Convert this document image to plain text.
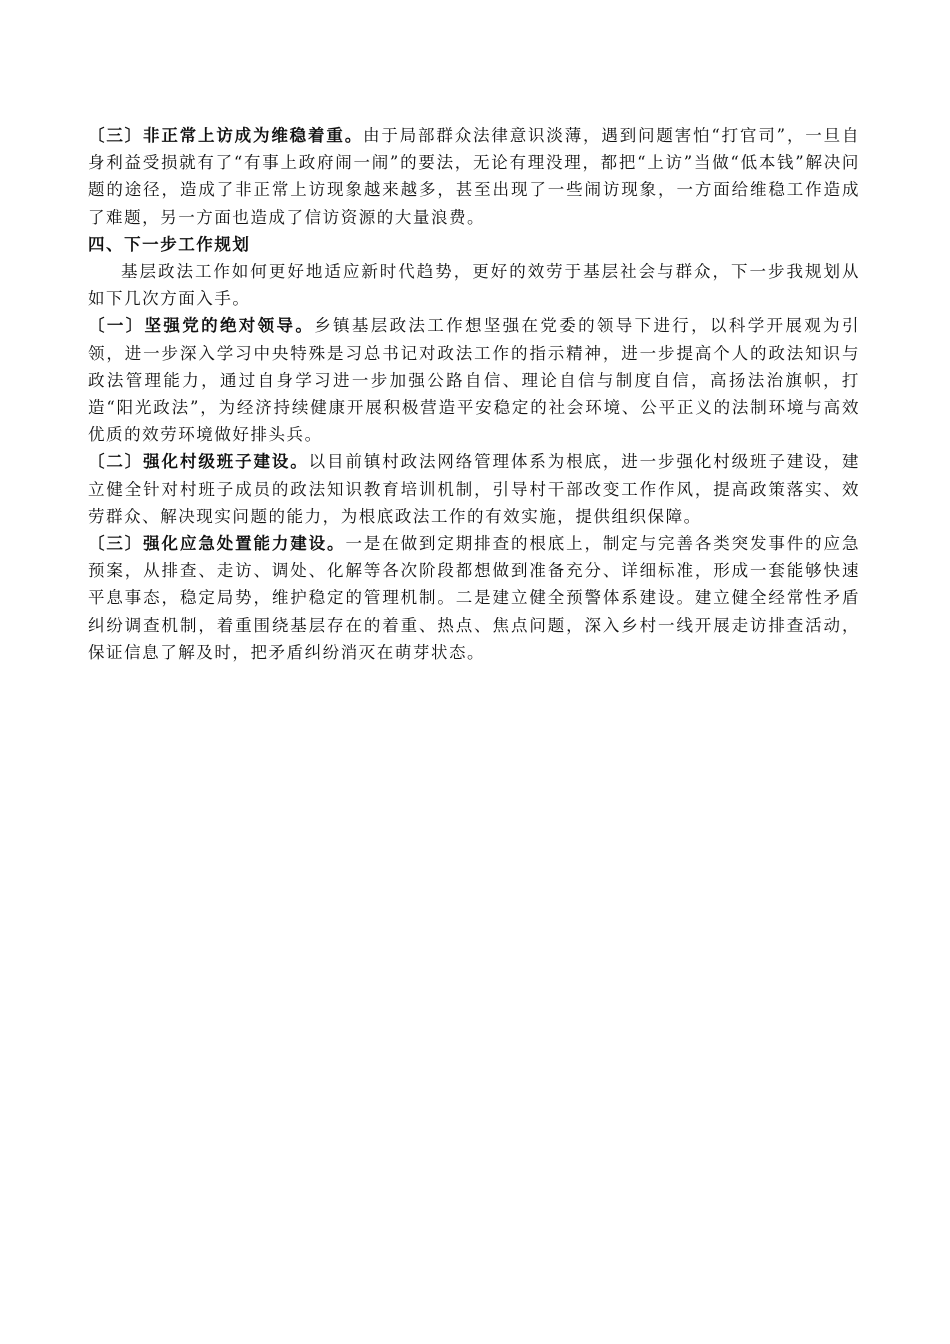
〔三〕非正常上访成为维稳着重。由于局部群众法律意识淡薄，遇到问题害怕“打官司”，一旦自身利益受损就有了“有事上政府闹一闹”的要法，无论有理没理，都把“上访”当做“低本钱”解决问题的途径，造成了非正常上访现象越来越多，甚至出现了一些闹访现象，一方面给维稳工作造成了难题，另一方面也造成了信访资源的大量浪费。

四、下一步工作规划

基层政法工作如何更好地适应新时代趋势，更好的效劳于基层社会与群众，下一步我规划从如下几次方面入手。

〔一〕坚强党的绝对领导。乡镇基层政法工作想坚强在党委的领导下进行，以科学开展观为引领，进一步深入学习中央特殊是习总书记对政法工作的指示精神，进一步提高个人的政法知识与政法管理能力，通过自身学习进一步加强公路自信、理论自信与制度自信，高扬法治旗帜，打造“阳光政法”，为经济持续健康开展积极营造平安稳定的社会环境、公平正义的法制环境与高效优质的效劳环境做好排头兵。

〔二〕强化村级班子建设。以目前镇村政法网络管理体系为根底，进一步强化村级班子建设，建立健全针对村班子成员的政法知识教育培训机制，引导村干部改变工作作风，提高政策落实、效劳群众、解决现实问题的能力，为根底政法工作的有效实施，提供组织保障。

〔三〕强化应急处置能力建设。一是在做到定期排查的根底上，制定与完善各类突发事件的应急预案，从排查、走访、调处、化解等各次阶段都想做到准备充分、详细标准，形成一套能够快速平息事态，稳定局势，维护稳定的管理机制。二是建立健全预警体系建设。建立健全经常性矛盾纠纷调查机制，着重围绕基层存在的着重、热点、焦点问题，深入乡村一线开展走访排查活动，保证信息了解及时，把矛盾纠纷消灭在萌芽状态。
